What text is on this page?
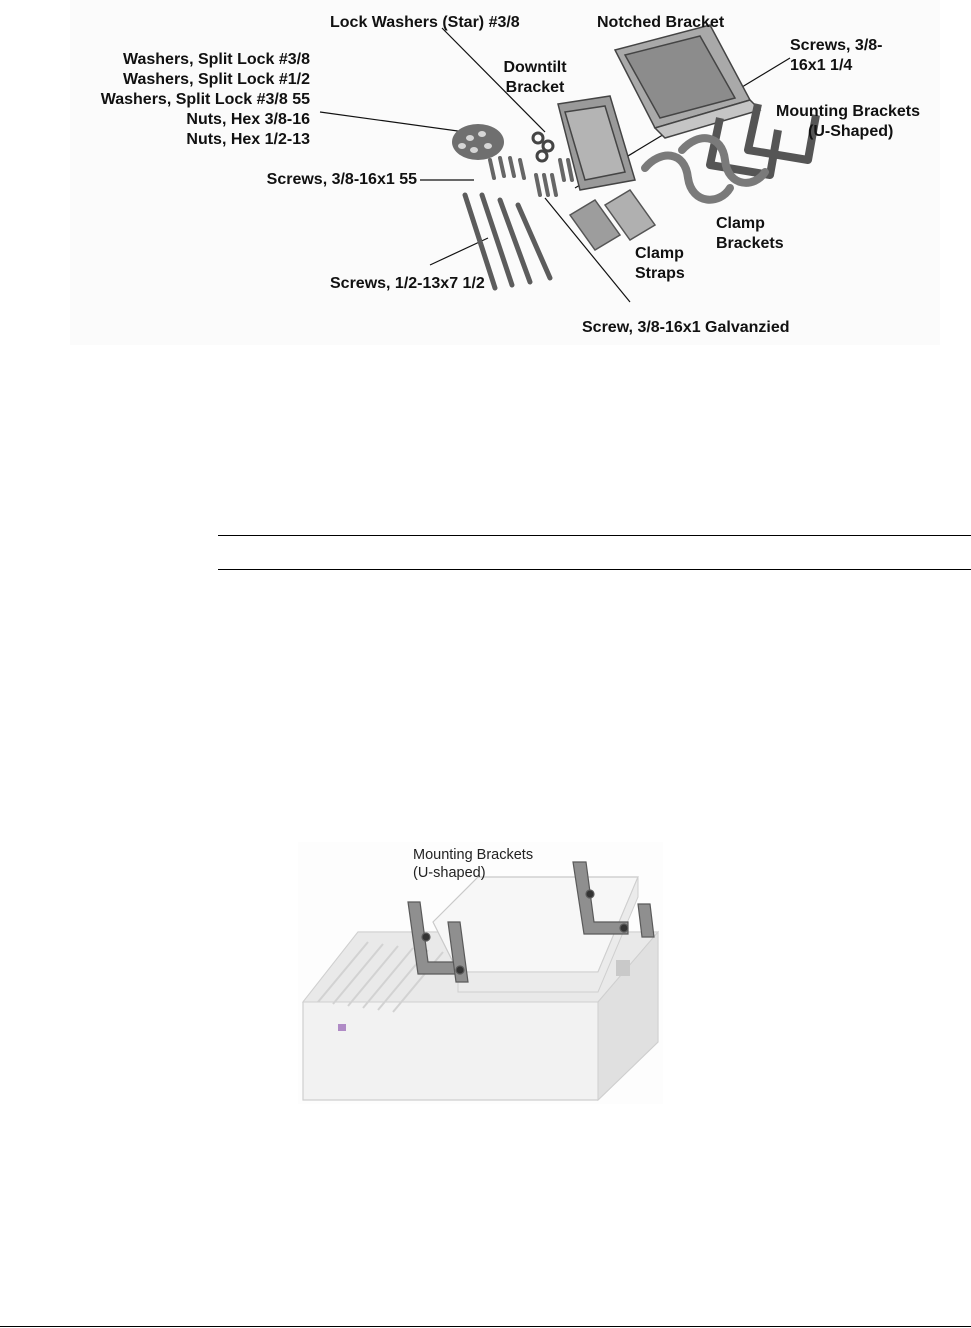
Lock Washers (Star) #3/8	Notched Bracket
Screws, 3/8-
16x1 1/4
Downtilt
Bracket
Washers, Split Lock #3/8
Washers, Split Lock #1/2
Washers, Split Lock #3/8 55
Nuts, Hex 3/8-16
Nuts, Hex 1/2-13
Mounting Brackets
(U-Shaped)
Screws, 3/8-16x1 55
Clamp
Brackets
Clamp
Straps
Screws, 1/2-13x7 1/2
Screw, 3/8-16x1 Galvanzied
Mounting Brackets
(U-shaped)
